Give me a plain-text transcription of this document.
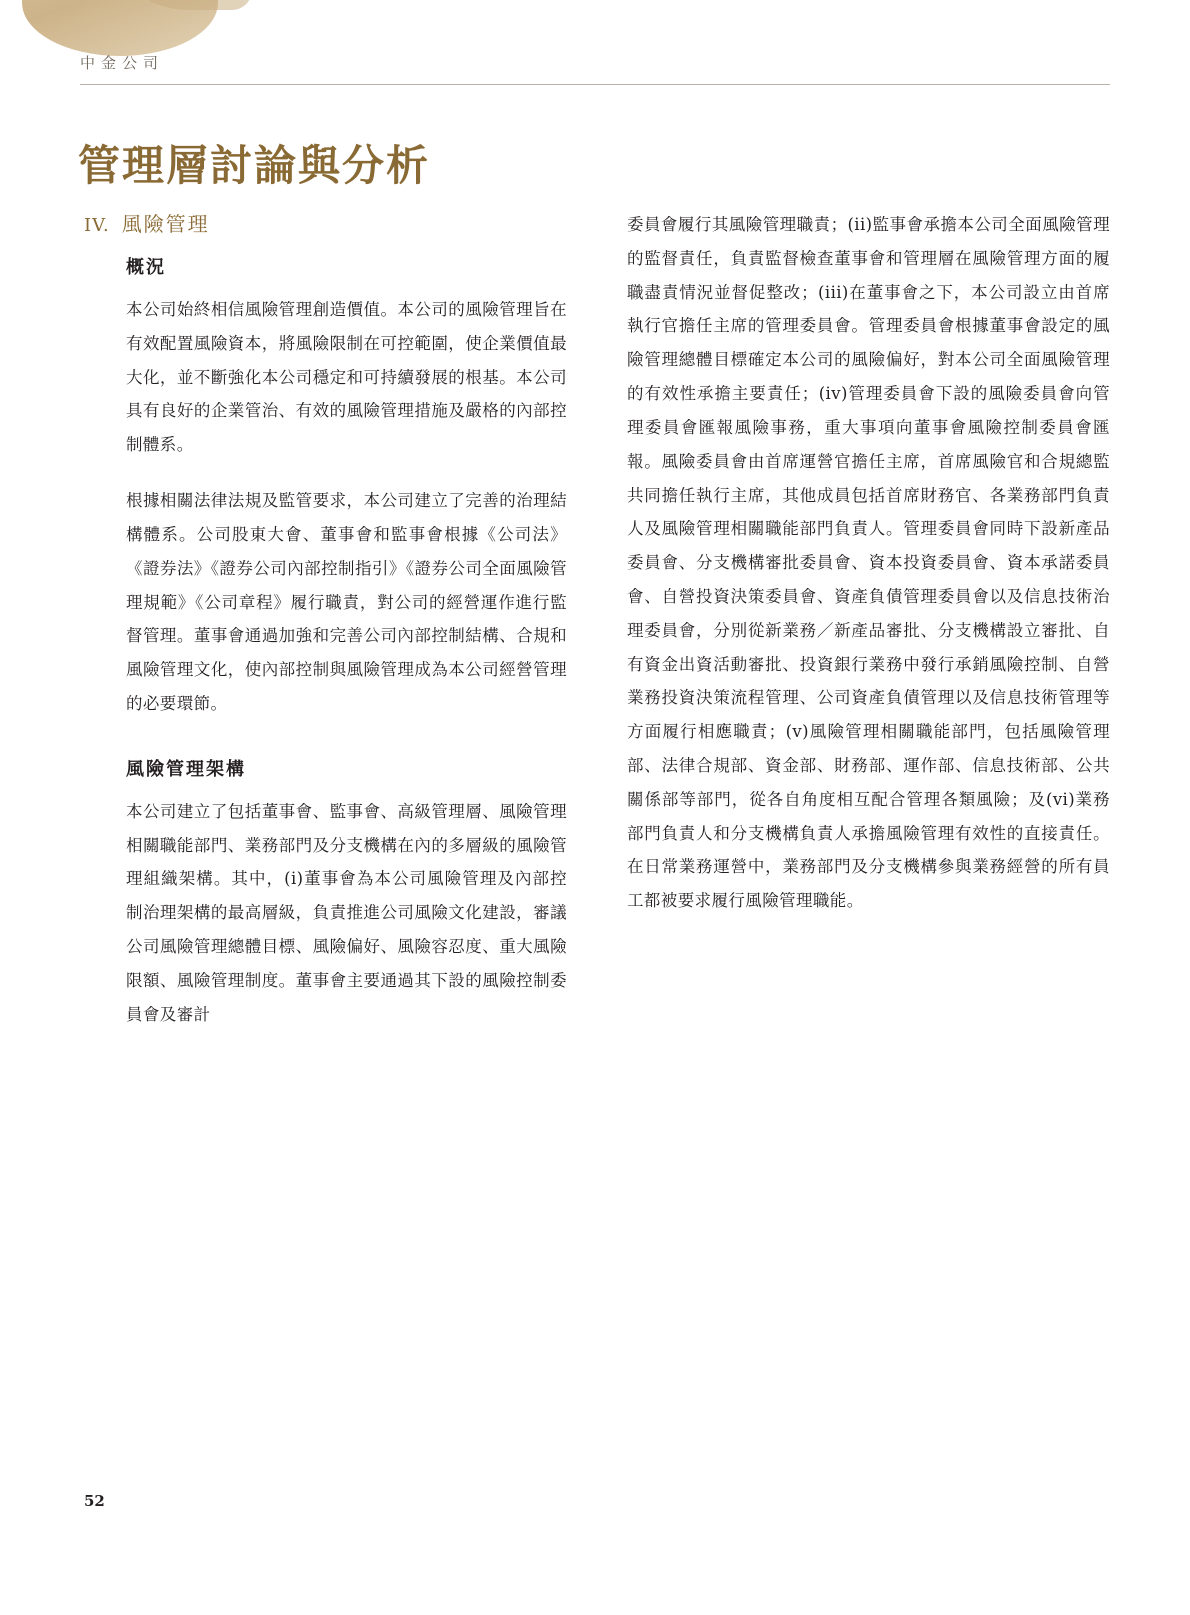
中金公司
管理層討論與分析
IV. 風險管理
概況

本公司始終相信風險管理創造價值。本公司的風險管理旨在有效配置風險資本，將風險限制在可控範圍，使企業價值最大化，並不斷強化本公司穩定和可持續發展的根基。本公司具有良好的企業管治、有效的風險管理措施及嚴格的內部控制體系。

根據相關法律法規及監管要求，本公司建立了完善的治理結構體系。公司股東大會、董事會和監事會根據《公司法》《證券法》《證券公司內部控制指引》《證券公司全面風險管理規範》《公司章程》履行職責，對公司的經營運作進行監督管理。董事會通過加強和完善公司內部控制結構、合規和風險管理文化，使內部控制與風險管理成為本公司經營管理的必要環節。

風險管理架構

本公司建立了包括董事會、監事會、高級管理層、風險管理相關職能部門、業務部門及分支機構在內的多層級的風險管理組織架構。其中，(i)董事會為本公司風險管理及內部控制治理架構的最高層級，負責推進公司風險文化建設，審議公司風險管理總體目標、風險偏好、風險容忍度、重大風險限額、風險管理制度。董事會主要通過其下設的風險控制委員會及審計

委員會履行其風險管理職責；(ii)監事會承擔本公司全面風險管理的監督責任，負責監督檢查董事會和管理層在風險管理方面的履職盡責情況並督促整改；(iii)在董事會之下，本公司設立由首席執行官擔任主席的管理委員會。管理委員會根據董事會設定的風險管理總體目標確定本公司的風險偏好，對本公司全面風險管理的有效性承擔主要責任；(iv)管理委員會下設的風險委員會向管理委員會匯報風險事務，重大事項向董事會風險控制委員會匯報。風險委員會由首席運營官擔任主席，首席風險官和合規總監共同擔任執行主席，其他成員包括首席財務官、各業務部門負責人及風險管理相關職能部門負責人。管理委員會同時下設新產品委員會、分支機構審批委員會、資本投資委員會、資本承諾委員會、自營投資決策委員會、資產負債管理委員會以及信息技術治理委員會，分別從新業務／新產品審批、分支機構設立審批、自有資金出資活動審批、投資銀行業務中發行承銷風險控制、自營業務投資決策流程管理、公司資產負債管理以及信息技術管理等方面履行相應職責；(v)風險管理相關職能部門，包括風險管理部、法律合規部、資金部、財務部、運作部、信息技術部、公共關係部等部門，從各自角度相互配合管理各類風險；及(vi)業務部門負責人和分支機構負責人承擔風險管理有效性的直接責任。在日常業務運營中，業務部門及分支機構參與業務經營的所有員工都被要求履行風險管理職能。

52
